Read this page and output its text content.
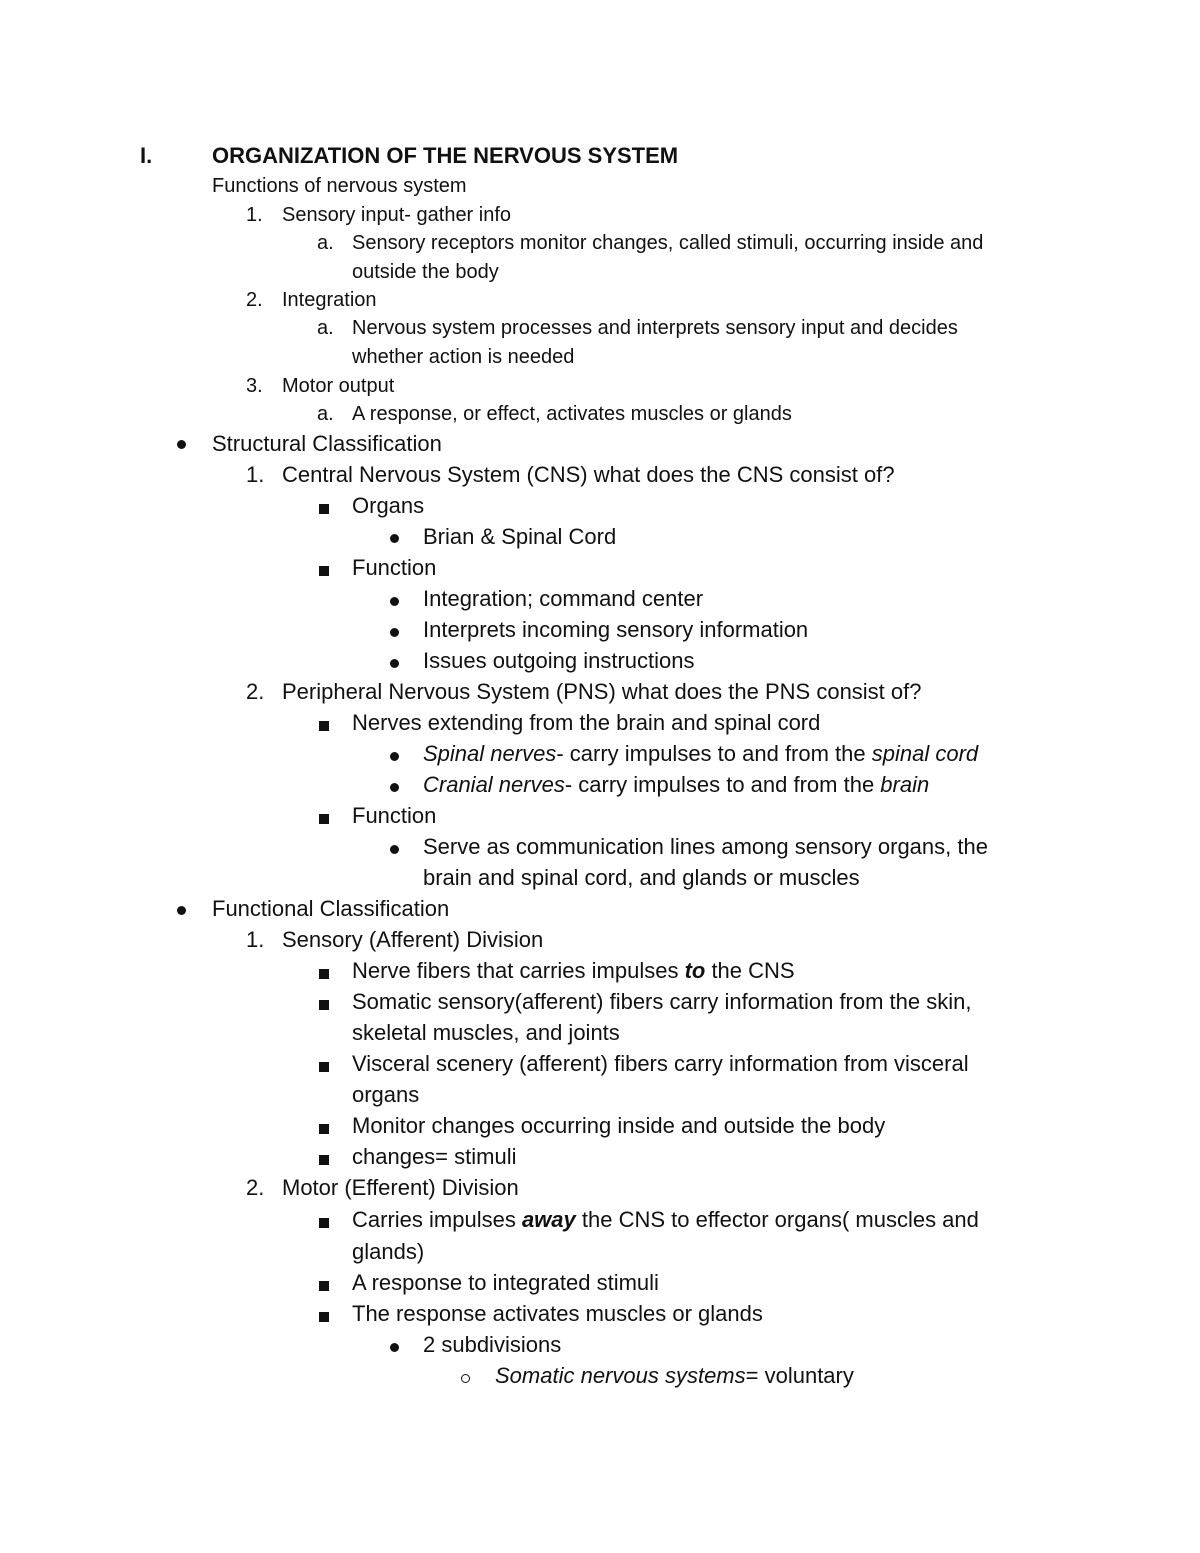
I.	ORGANIZATION OF THE NERVOUS SYSTEM
Functions of nervous system
1. Sensory input- gather info
a. Sensory receptors monitor changes, called stimuli, occurring inside and
outside the body
2. Integration
a. Nervous system processes and interprets sensory input and decides
whether action is needed
3. Motor output
a. A response, or effect, activates muscles or glands
Structural Classification
1. Central Nervous System (CNS) what does the CNS consist of?
Organs
Brian & Spinal Cord
Function
Integration; command center
Interprets incoming sensory information
Issues outgoing instructions
2. Peripheral Nervous System (PNS) what does the PNS consist of?
Nerves extending from the brain and spinal cord
Spinal nerves- carry impulses to and from the spinal cord
Cranial nerves- carry impulses to and from the brain
Function
Serve as communication lines among sensory organs, the
brain and spinal cord, and glands or muscles
Functional Classification
1. Sensory (Afferent) Division
Nerve fibers that carries impulses to the CNS
Somatic sensory(afferent) fibers carry information from the skin,
skeletal muscles, and joints
Visceral scenery (afferent) fibers carry information from visceral
organs
Monitor changes occurring inside and outside the body
changes= stimuli
2. Motor (Efferent) Division
Carries impulses away the CNS to effector organs( muscles and
glands)
A response to integrated stimuli
The response activates muscles or glands
2 subdivisions
Somatic nervous systems= voluntary
